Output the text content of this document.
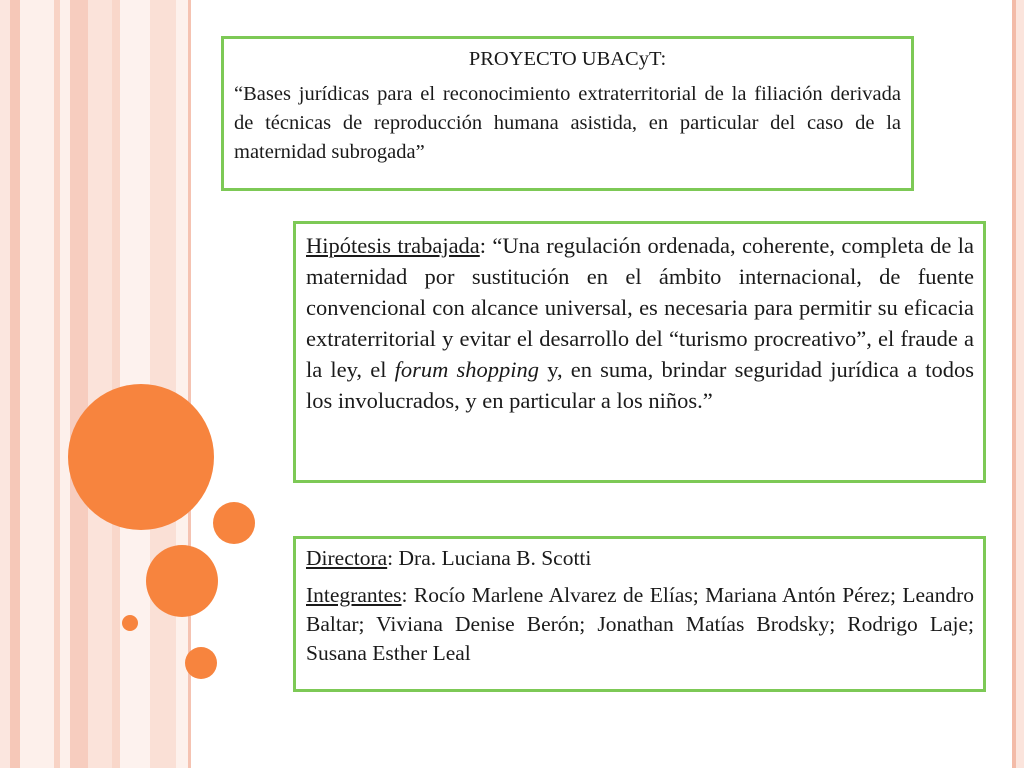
PROYECTO UBACyT:

“Bases jurídicas para el reconocimiento extraterritorial de la filiación derivada de técnicas de reproducción humana asistida, en particular del caso de la maternidad subrogada”

Hipótesis trabajada: “Una regulación ordenada, coherente, completa de la maternidad por sustitución en el ámbito internacional, de fuente convencional con alcance universal, es necesaria para permitir su eficacia extraterritorial y evitar el desarrollo del “turismo procreativo”, el fraude a la ley, el forum shopping y, en suma, brindar seguridad jurídica a todos los involucrados, y en particular a los niños.”

Directora: Dra. Luciana B. Scotti

Integrantes: Rocío Marlene Alvarez de Elías; Mariana Antón Pérez; Leandro Baltar; Viviana Denise Berón; Jonathan Matías Brodsky; Rodrigo Laje; Susana Esther Leal
